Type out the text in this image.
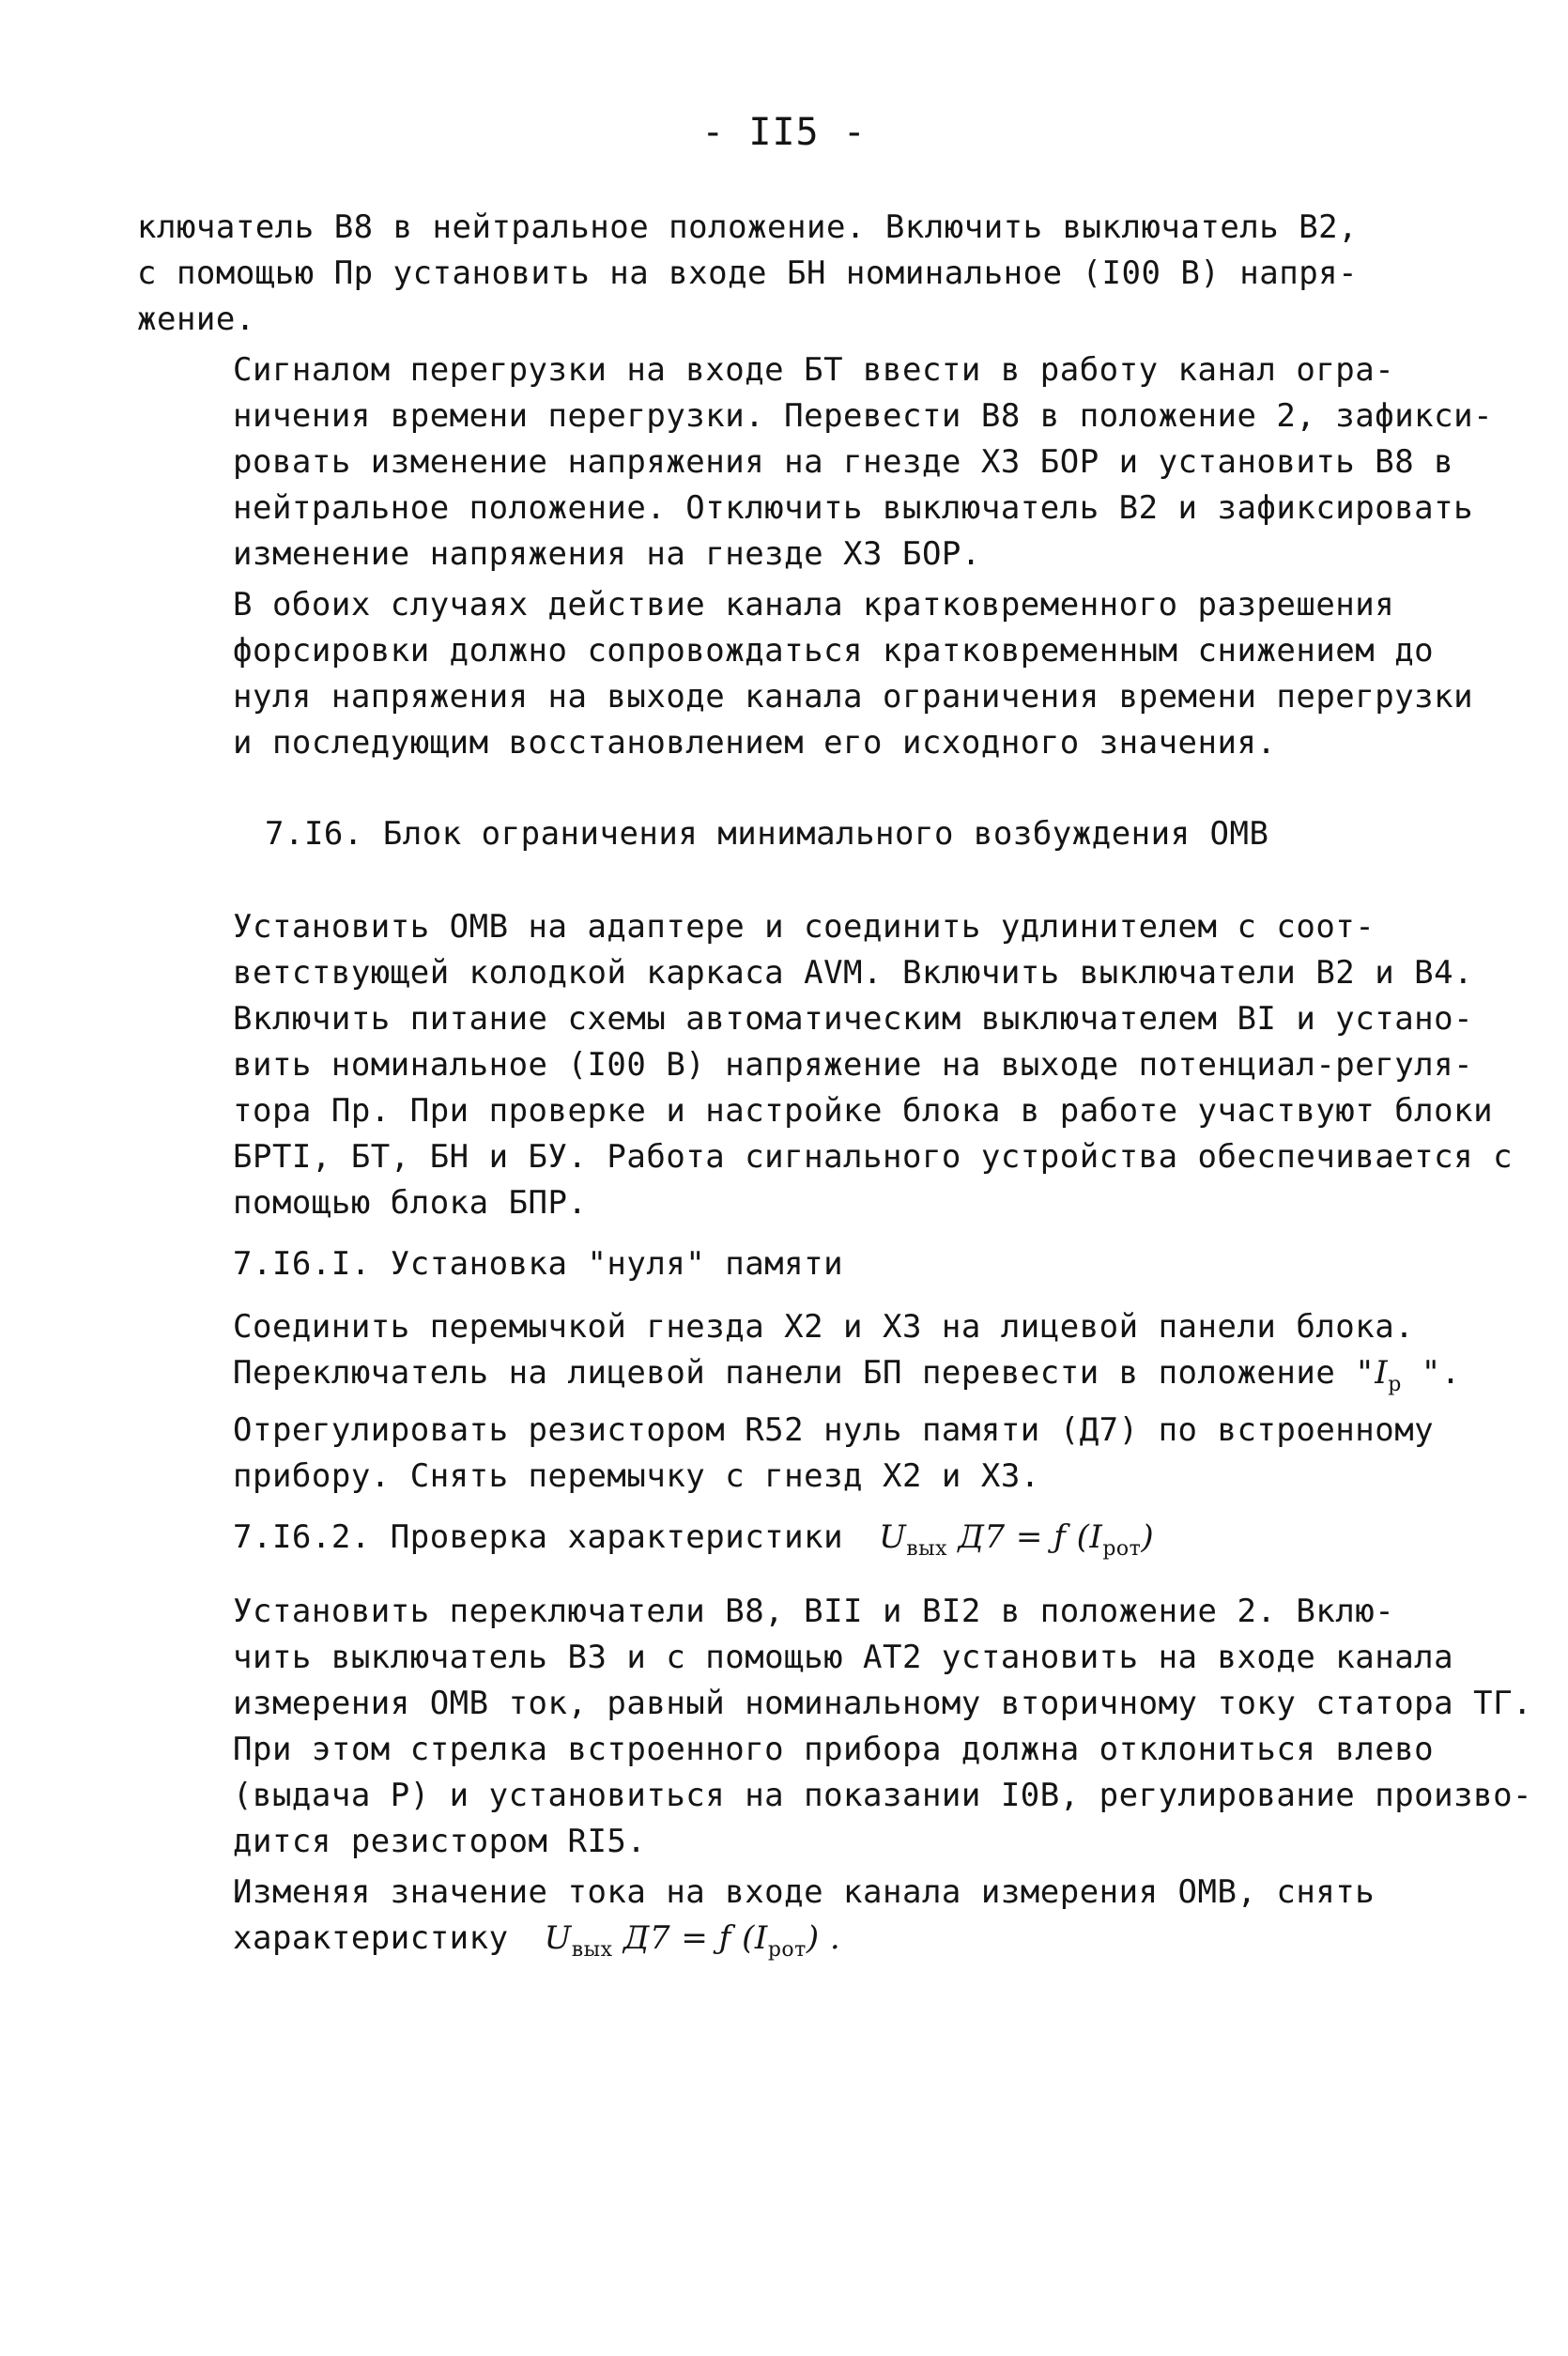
- II5 -
ключатель В8 в нейтральное положение. Включить выключатель В2,
с помощью Пр установить на входе БН номинальное (I00 В) напря-
жение.
Сигналом перегрузки на входе БТ ввести в работу канал огра-
ничения времени перегрузки. Перевести В8 в положение 2, зафикси-
ровать изменение напряжения на гнезде Х3 БОР и установить В8 в
нейтральное положение. Отключить выключатель В2 и зафиксировать
изменение напряжения на гнезде Х3 БОР.
В обоих случаях действие канала кратковременного разрешения
форсировки должно сопровождаться кратковременным снижением до
нуля напряжения на выходе канала ограничения времени перегрузки
и последующим восстановлением его исходного значения.
7.I6. Блок ограничения минимального возбуждения ОМВ
Установить ОМВ на адаптере и соединить удлинителем с соот-
ветствующей колодкой каркаса АVМ. Включить выключатели В2 и В4.
Включить питание схемы автоматическим выключателем ВI и устано-
вить номинальное (I00 В) напряжение на выходе потенциал-регуля-
тора Пр. При проверке и настройке блока в работе участвуют блоки
БРТI, БТ, БН и БУ. Работа сигнального устройства обеспечивается с
помощью блока БПР.
7.I6.I. Установка "нуля" памяти
Соединить перемычкой гнезда Х2 и Х3 на лицевой панели блока.
Переключатель на лицевой панели БП перевести в положение "$I_р$ ".
Отрегулировать резистором R52 нуль памяти (Д7) по встроенному
прибору. Снять перемычку с гнезд Х2 и Х3.
7.I6.2. Проверка характеристики $U_{вых}$ Д7 = ƒ $(I_{рот})$
Установить переключатели В8, ВII и ВI2 в положение 2. Вклю-
чить выключатель В3 и с помощью АТ2 установить на входе канала
измерения ОМВ ток, равный номинальному вторичному току статора ТГ.
При этом стрелка встроенного прибора должна отклониться влево
(выдача Р) и установиться на показании I0В, регулирование произво-
дится резистором RI5.
Изменяя значение тока на входе канала измерения ОМВ, снять
характеристику $U_{вых}$ Д7 = ƒ $(I_{рот})$ .
